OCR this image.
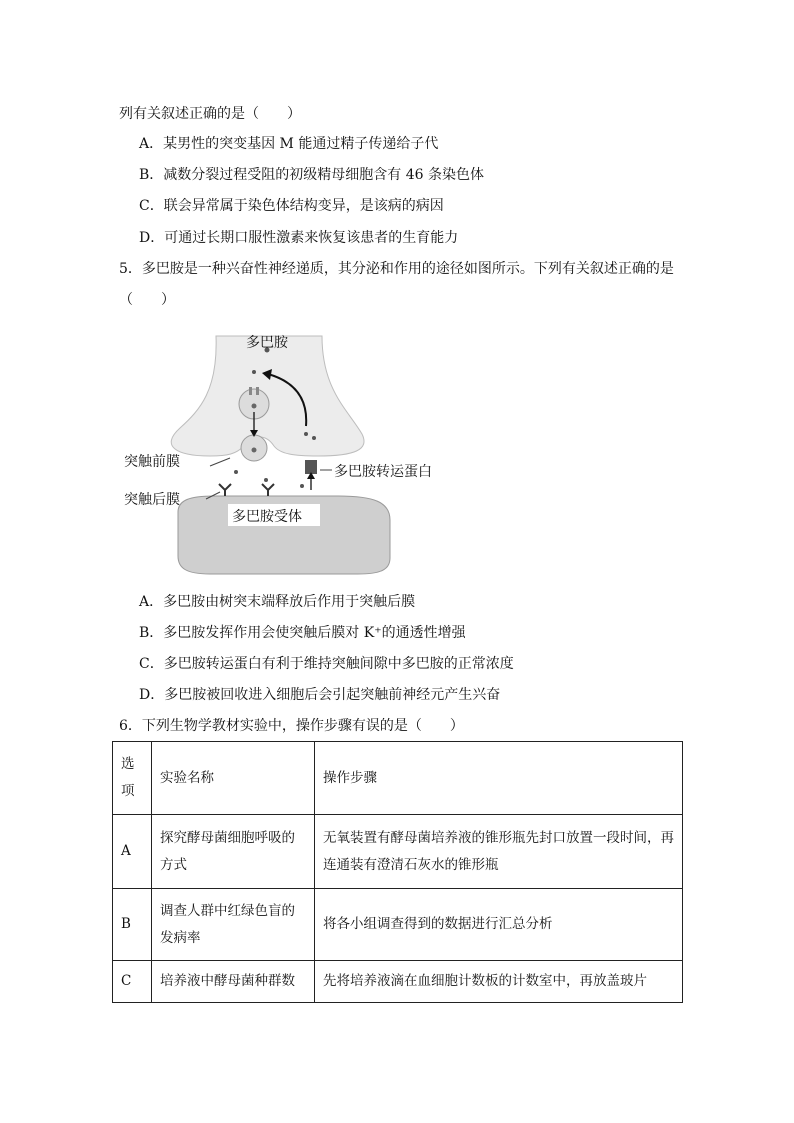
列有关叙述正确的是（　　）
A．某男性的突变基因 M 能通过精子传递给子代
B．减数分裂过程受阻的初级精母细胞含有 46 条染色体
C．联会异常属于染色体结构变异，是该病的病因
D．可通过长期口服性激素来恢复该患者的生育能力
5．多巴胺是一种兴奋性神经递质，其分泌和作用的途径如图所示。下列有关叙述正确的是
（　　）
多巴胺
突触前膜
突触后膜
多巴胺转运蛋白
多巴胺受体
A．多巴胺由树突末端释放后作用于突触后膜
B．多巴胺发挥作用会使突触后膜对 K⁺的通透性增强
C．多巴胺转运蛋白有利于维持突触间隙中多巴胺的正常浓度
D．多巴胺被回收进入细胞后会引起突触前神经元产生兴奋
6．下列生物学教材实验中，操作步骤有误的是（　　）
选项	实验名称	操作步骤
A	探究酵母菌细胞呼吸的方式	无氧装置有酵母菌培养液的锥形瓶先封口放置一段时间，再连通装有澄清石灰水的锥形瓶
B	调查人群中红绿色盲的发病率	将各小组调查得到的数据进行汇总分析
C	培养液中酵母菌种群数	先将培养液滴在血细胞计数板的计数室中，再放盖玻片
